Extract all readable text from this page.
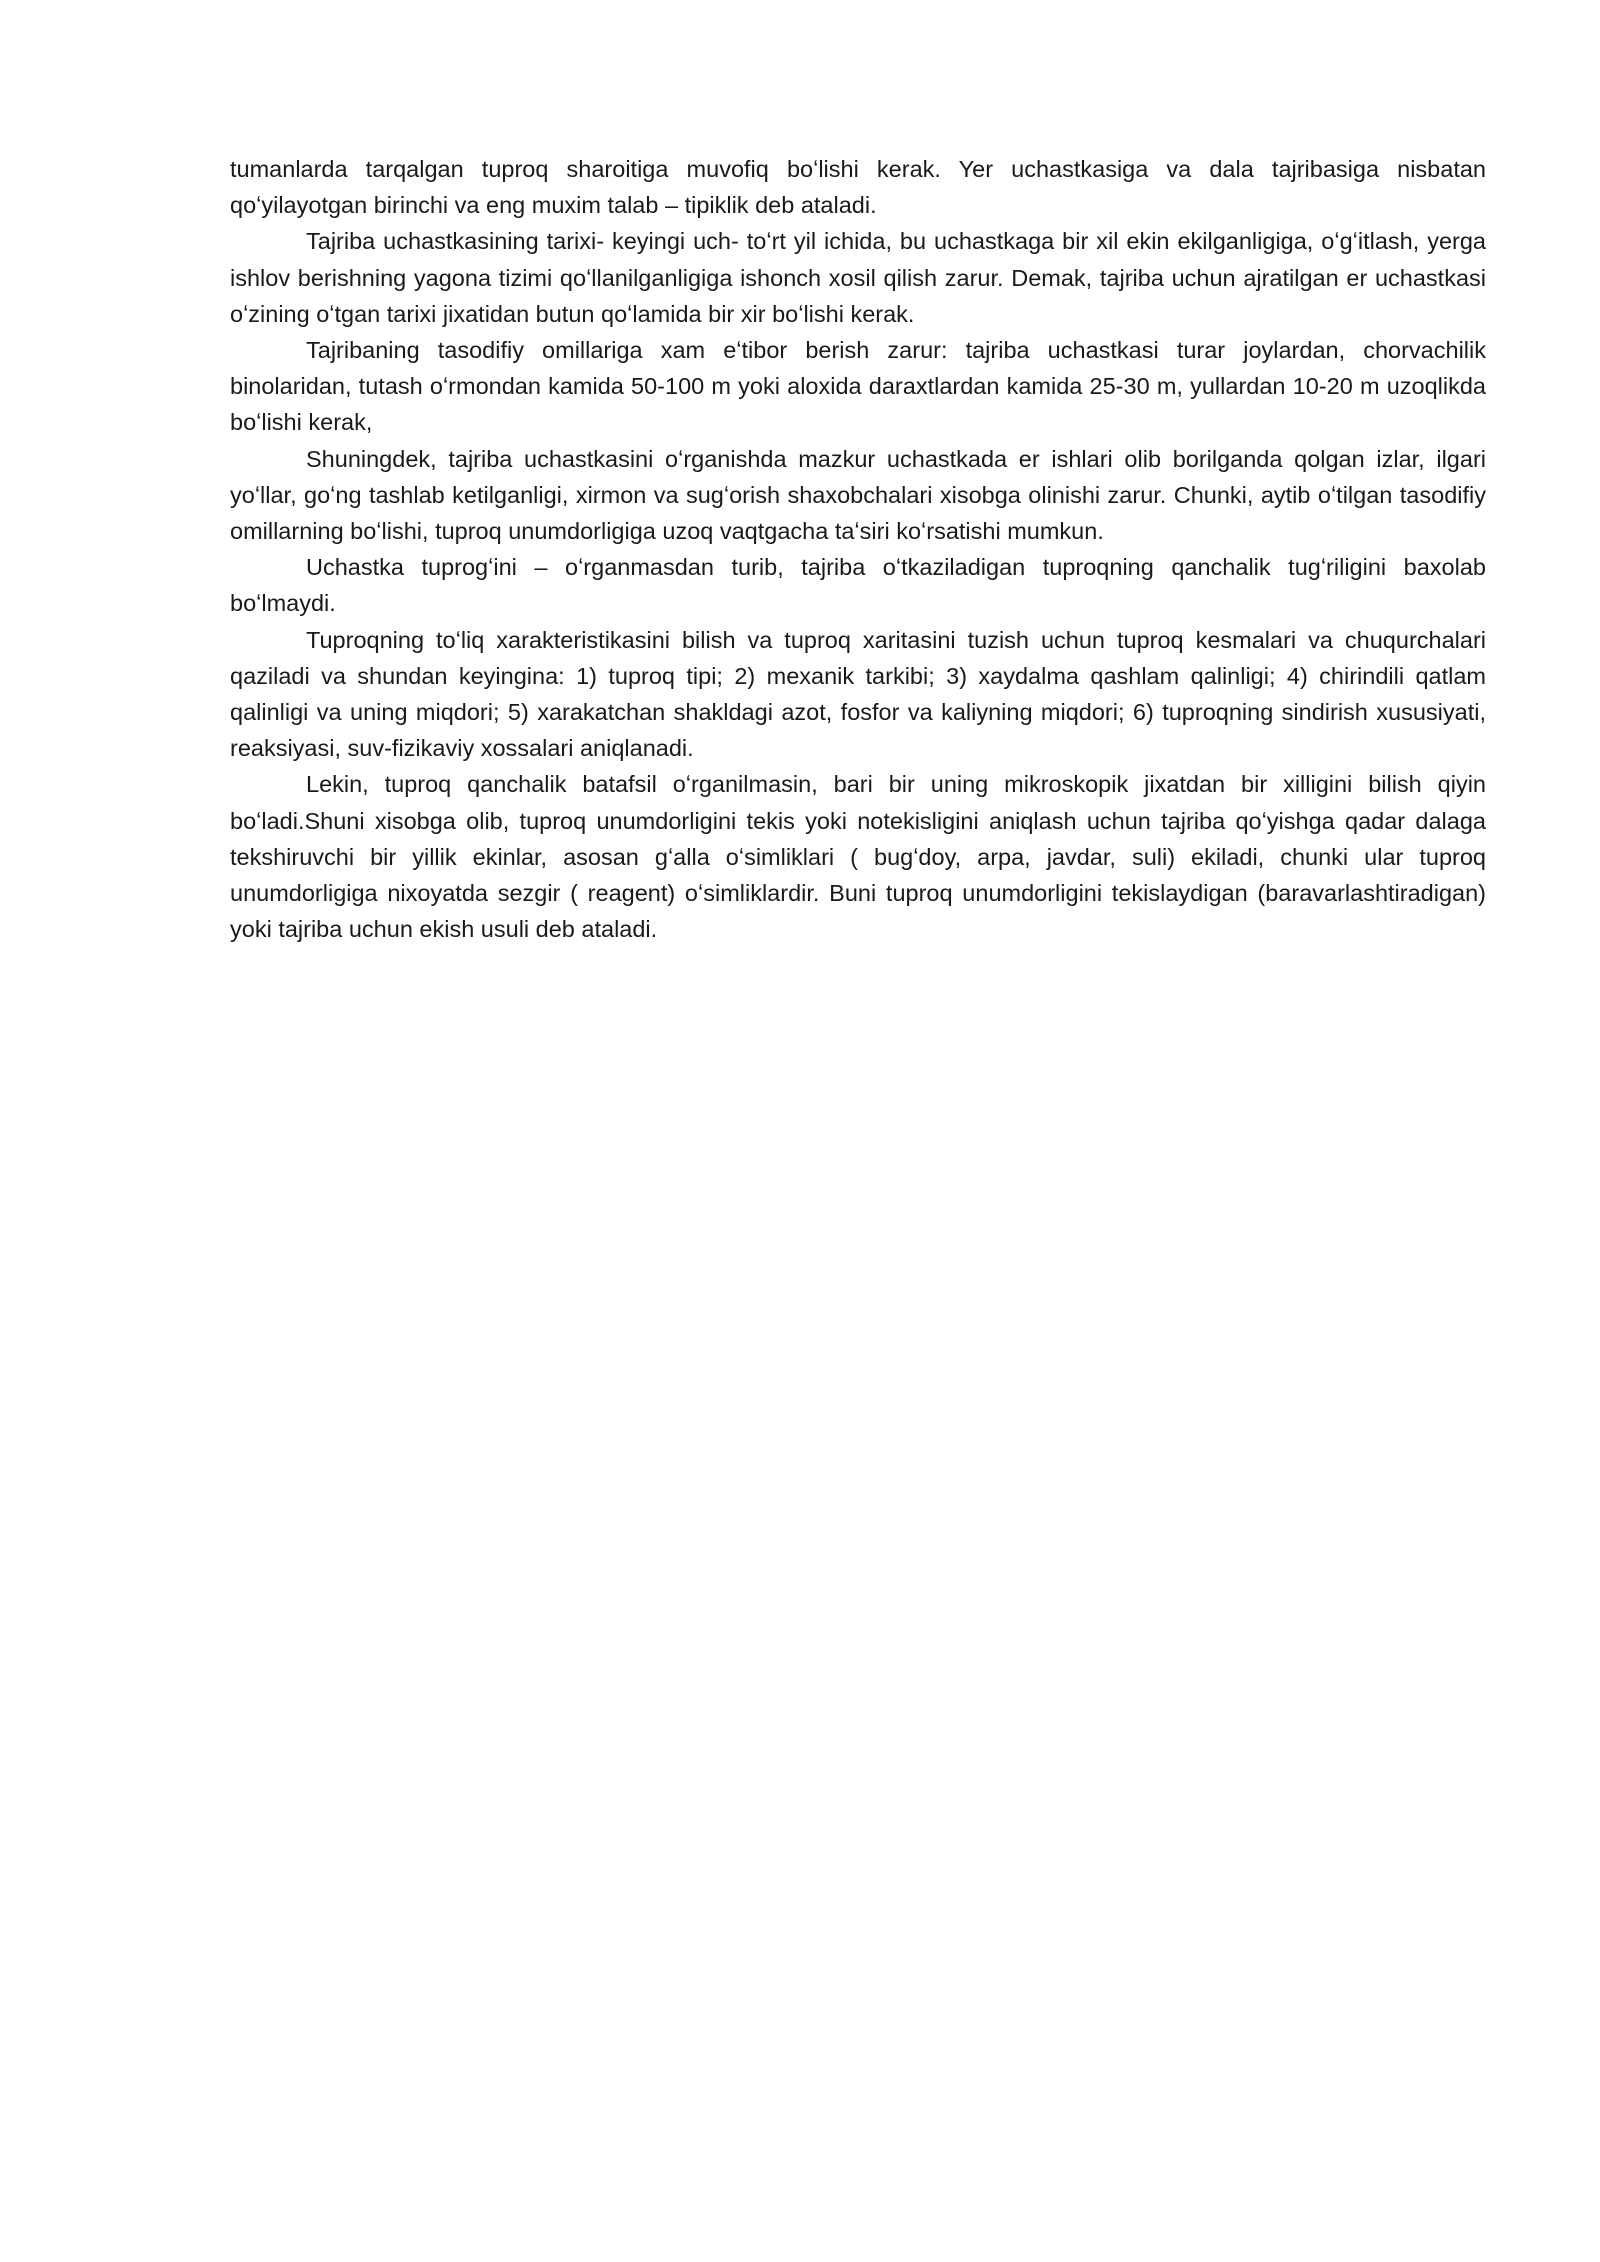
tumanlarda tarqalgan tuproq sharoitiga muvofiq boʻlishi kerak. Yer uchastkasiga va dala tajribasiga nisbatan qoʻyilayotgan birinchi va eng muxim talab – tipiklik deb ataladi.

Tajriba uchastkasining tarixi- keyingi uch- toʻrt yil ichida, bu uchastkaga bir xil ekin ekilganligiga, oʻgʻitlash, yerga ishlov berishning yagona tizimi qoʻllanilganligiga ishonch xosil qilish zarur. Demak, tajriba uchun ajratilgan er uchastkasi oʻzining oʻtgan tarixi jixatidan butun qoʻlamida bir xir boʻlishi kerak.

Tajribaning tasodifiy omillariga xam eʻtibor berish zarur: tajriba uchastkasi turar joylardan, chorvachilik binolaridan, tutash oʻrmondan kamida 50-100 m yoki aloxida daraxtlardan kamida 25-30 m, yullardan 10-20 m uzoqlikda boʻlishi kerak,

Shuningdek, tajriba uchastkasini oʻrganishda mazkur uchastkada er ishlari olib borilganda qolgan izlar, ilgari yoʻllar, goʻng tashlab ketilganligi, xirmon va sugʻorish shaxobchalari xisobga olinishi zarur. Chunki, aytib oʻtilgan tasodifiy omillarning boʻlishi, tuproq unumdorligiga uzoq vaqtgacha taʻsiri koʻrsatishi mumkun.

Uchastka tuprogʻini – oʻrganmasdan turib, tajriba oʻtkaziladigan tuproqning qanchalik tugʻriligini baxolab boʻlmaydi.

Tuproqning toʻliq xarakteristikasini bilish va tuproq xaritasini tuzish uchun tuproq kesmalari va chuqurchalari qaziladi va shundan keyingina: 1) tuproq tipi; 2) mexanik tarkibi; 3) xaydalma qashlam qalinligi; 4) chirindili qatlam qalinligi va uning miqdori; 5) xarakatchan shakldagi azot, fosfor va kaliyning miqdori; 6) tuproqning sindirish xususiyati, reaksiyasi, suv-fizikaviy xossalari aniqlanadi.

Lekin, tuproq qanchalik batafsil oʻrganilmasin, bari bir uning mikroskopik jixatdan bir xilligini bilish qiyin boʻladi.Shuni xisobga olib, tuproq unumdorligini tekis yoki notekisligini aniqlash uchun tajriba qoʻyishga qadar dalaga tekshiruvchi bir yillik ekinlar, asosan gʻalla oʻsimliklari ( bugʻdoy, arpa, javdar, suli) ekiladi, chunki ular tuproq unumdorligiga nixoyatda sezgir ( reagent) oʻsimliklardir. Buni tuproq unumdorligini tekislaydigan (baravarlashtiradigan) yoki tajriba uchun ekish usuli deb ataladi.
